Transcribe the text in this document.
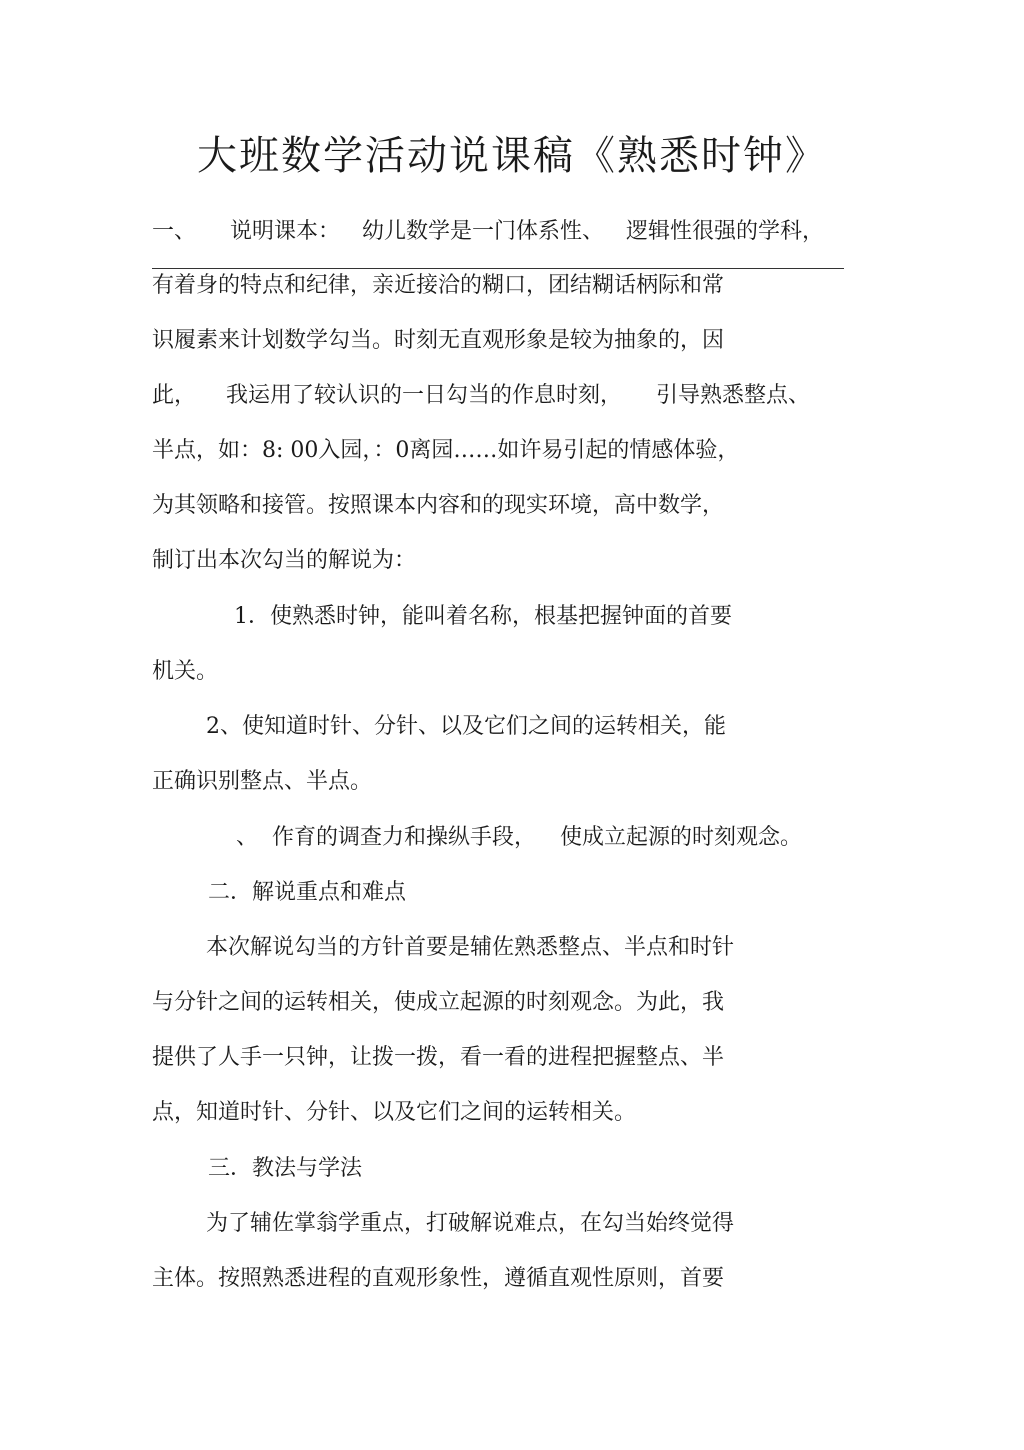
大班数学活动说课稿《熟悉时钟》
一、 说明课本： 幼儿数学是一门体系性、 逻辑性很强的学科，
有着身的特点和纪律，亲近接洽的糊口，团结糊话柄际和常
识履素来计划数学勾当。时刻无直观形象是较为抽象的，因
此， 我运用了较认识的一日勾当的作息时刻， 引导熟悉整点、
半点，如：8: 00入园，：0离园……如许易引起的情感体验，
为其领略和接管。按照课本内容和的现实环境，高中数学，
制订出本次勾当的解说为：
1．使熟悉时钟，能叫着名称，根基把握钟面的首要
机关。
2、使知道时针、分针、以及它们之间的运转相关，能
正确识别整点、半点。
、 作育的调查力和操纵手段， 使成立起源的时刻观念。
二．解说重点和难点
本次解说勾当的方针首要是辅佐熟悉整点、半点和时针
与分针之间的运转相关，使成立起源的时刻观念。为此，我
提供了人手一只钟，让拨一拨，看一看的进程把握整点、半
点，知道时针、分针、以及它们之间的运转相关。
三．教法与学法
为了辅佐掌翁学重点，打破解说难点，在勾当始终觉得
主体。按照熟悉进程的直观形象性，遵循直观性原则，首要
